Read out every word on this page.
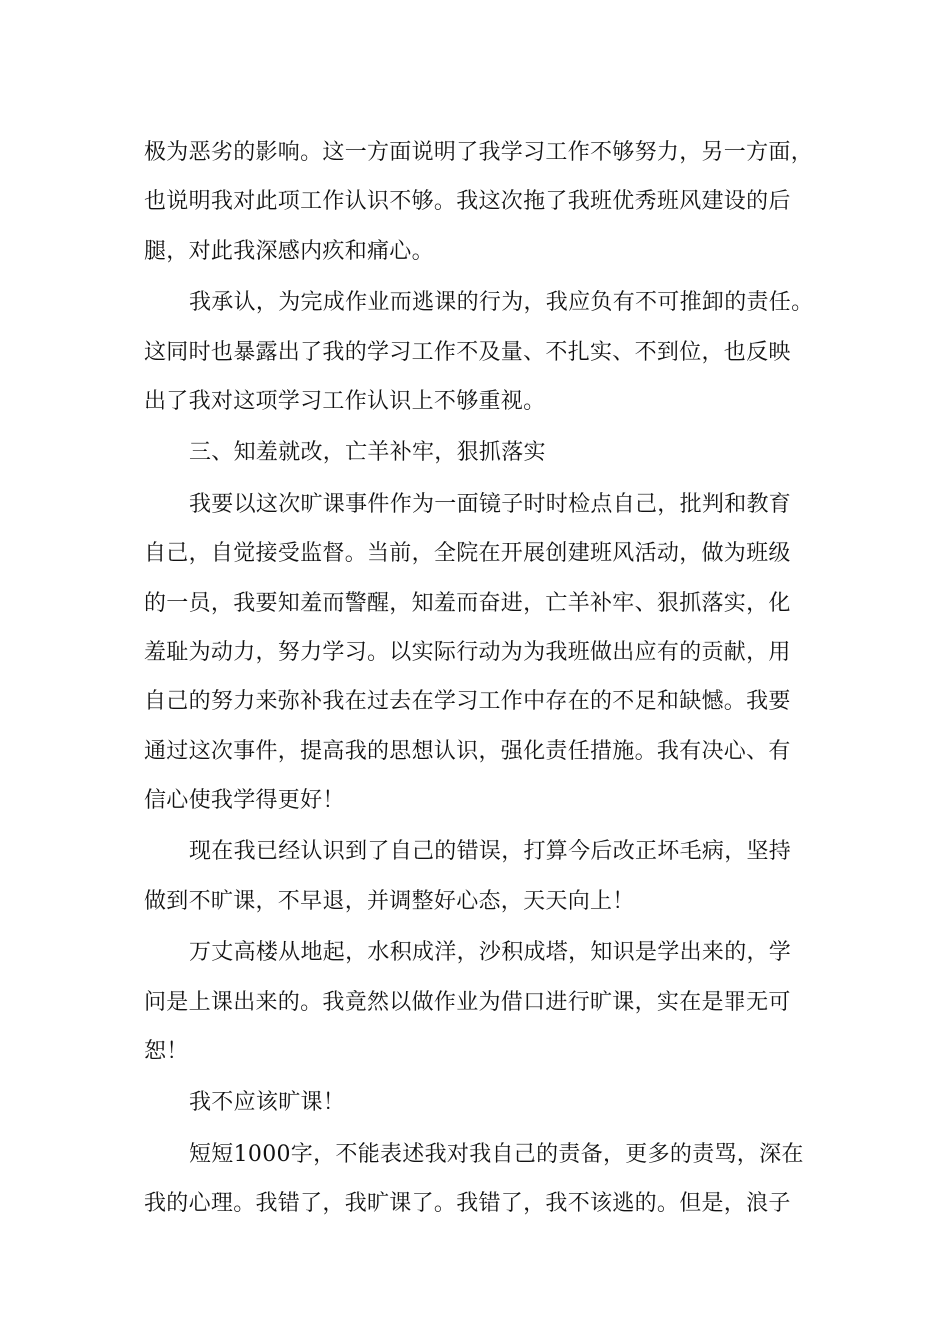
极为恶劣的影响。这一方面说明了我学习工作不够努力，另一方面，
也说明我对此项工作认识不够。我这次拖了我班优秀班风建设的后
腿，对此我深感内疚和痛心。
我承认，为完成作业而逃课的行为，我应负有不可推卸的责任。
这同时也暴露出了我的学习工作不及量、不扎实、不到位，也反映
出了我对这项学习工作认识上不够重视。
三、知羞就改，亡羊补牢，狠抓落实
我要以这次旷课事件作为一面镜子时时检点自己，批判和教育
自己，自觉接受监督。当前，全院在开展创建班风活动，做为班级
的一员，我要知羞而警醒，知羞而奋进，亡羊补牢、狠抓落实，化
羞耻为动力，努力学习。以实际行动为为我班做出应有的贡献，用
自己的努力来弥补我在过去在学习工作中存在的不足和缺憾。我要
通过这次事件，提高我的思想认识，强化责任措施。我有决心、有
信心使我学得更好！
现在我已经认识到了自己的错误，打算今后改正坏毛病，坚持
做到不旷课，不早退，并调整好心态，天天向上！
万丈高楼从地起，水积成洋，沙积成塔，知识是学出来的，学
问是上课出来的。我竟然以做作业为借口进行旷课，实在是罪无可
恕！
我不应该旷课！
短短1000字，不能表述我对我自己的责备，更多的责骂，深在
我的心理。我错了，我旷课了。我错了，我不该逃的。但是，浪子
